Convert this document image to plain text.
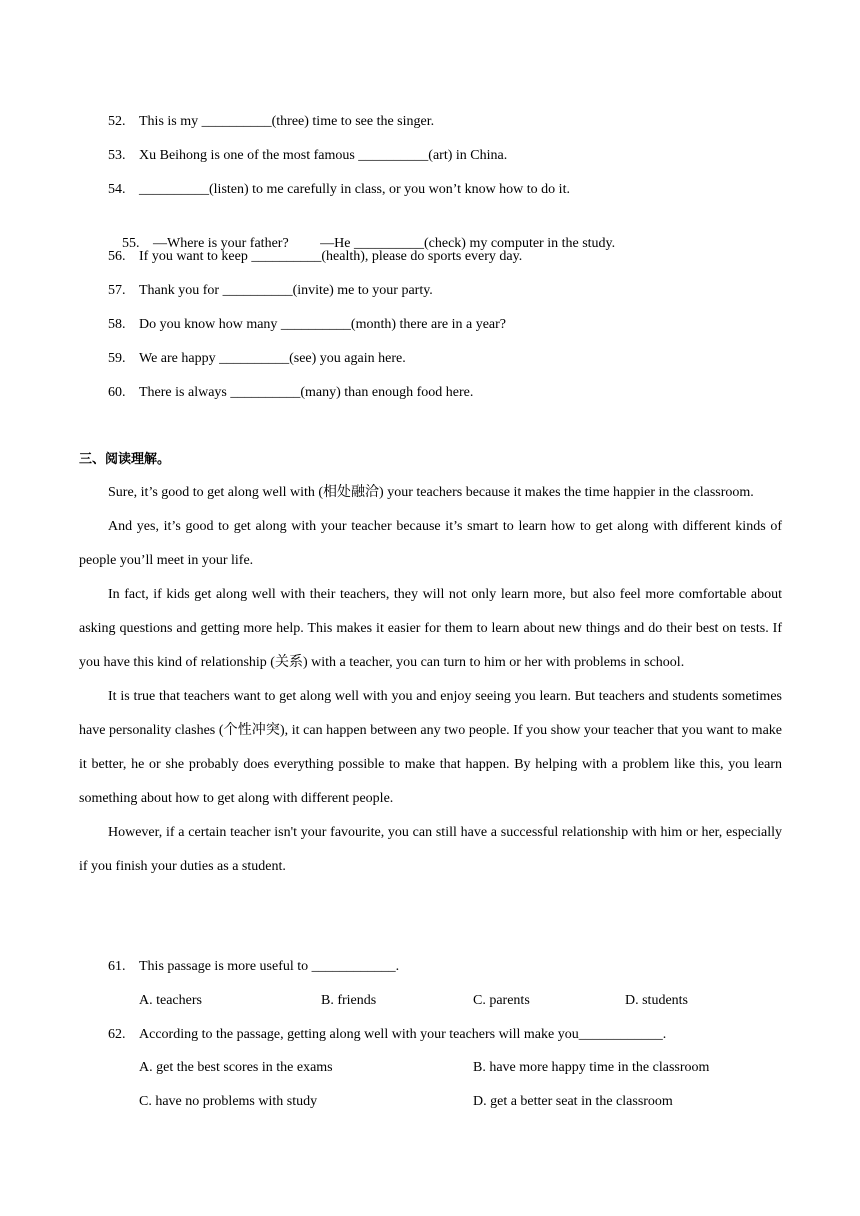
52. This is my __________(three) time to see the singer.
53. Xu Beihong is one of the most famous __________(art) in China.
54. __________(listen) to me carefully in class, or you won’t know how to do it.

55. —Where is your father?         —He __________(check) my computer in the study.

56. If you want to keep __________(health), please do sports every day.
57. Thank you for __________(invite) me to your party.
58. Do you know how many __________(month) there are in a year?
59. We are happy __________(see) you again here.
60. There is always __________(many) than enough food here.
三、阅读理解。

Sure, it’s good to get along well with (相处融洽) your teachers because it makes the time happier in the classroom.

And yes, it’s good to get along with your teacher because it’s smart to learn how to get along with different kinds of people you’ll meet in your life.

In fact, if kids get along well with their teachers, they will not only learn more, but also feel more comfortable about asking questions and getting more help. This makes it easier for them to learn about new things and do their best on tests. If you have this kind of relationship (关系) with a teacher, you can turn to him or her with problems in school.

It is true that teachers want to get along well with you and enjoy seeing you learn. But teachers and students sometimes have personality clashes (个性冲突), it can happen between any two people. If you show your teacher that you want to make it better, he or she probably does everything possible to make that happen. By helping with a problem like this, you learn something about how to get along with different people.

However, if a certain teacher isn't your favourite, you can still have a successful relationship with him or her, especially if you finish your duties as a student.

61. This passage is more useful to ____________.
A. teachers	B. friends	C. parents	D. students
62. According to the passage, getting along well with your teachers will make you____________.
A. get the best scores in the exams	B. have more happy time in the classroom
C. have no problems with study	D. get a better seat in the classroom
